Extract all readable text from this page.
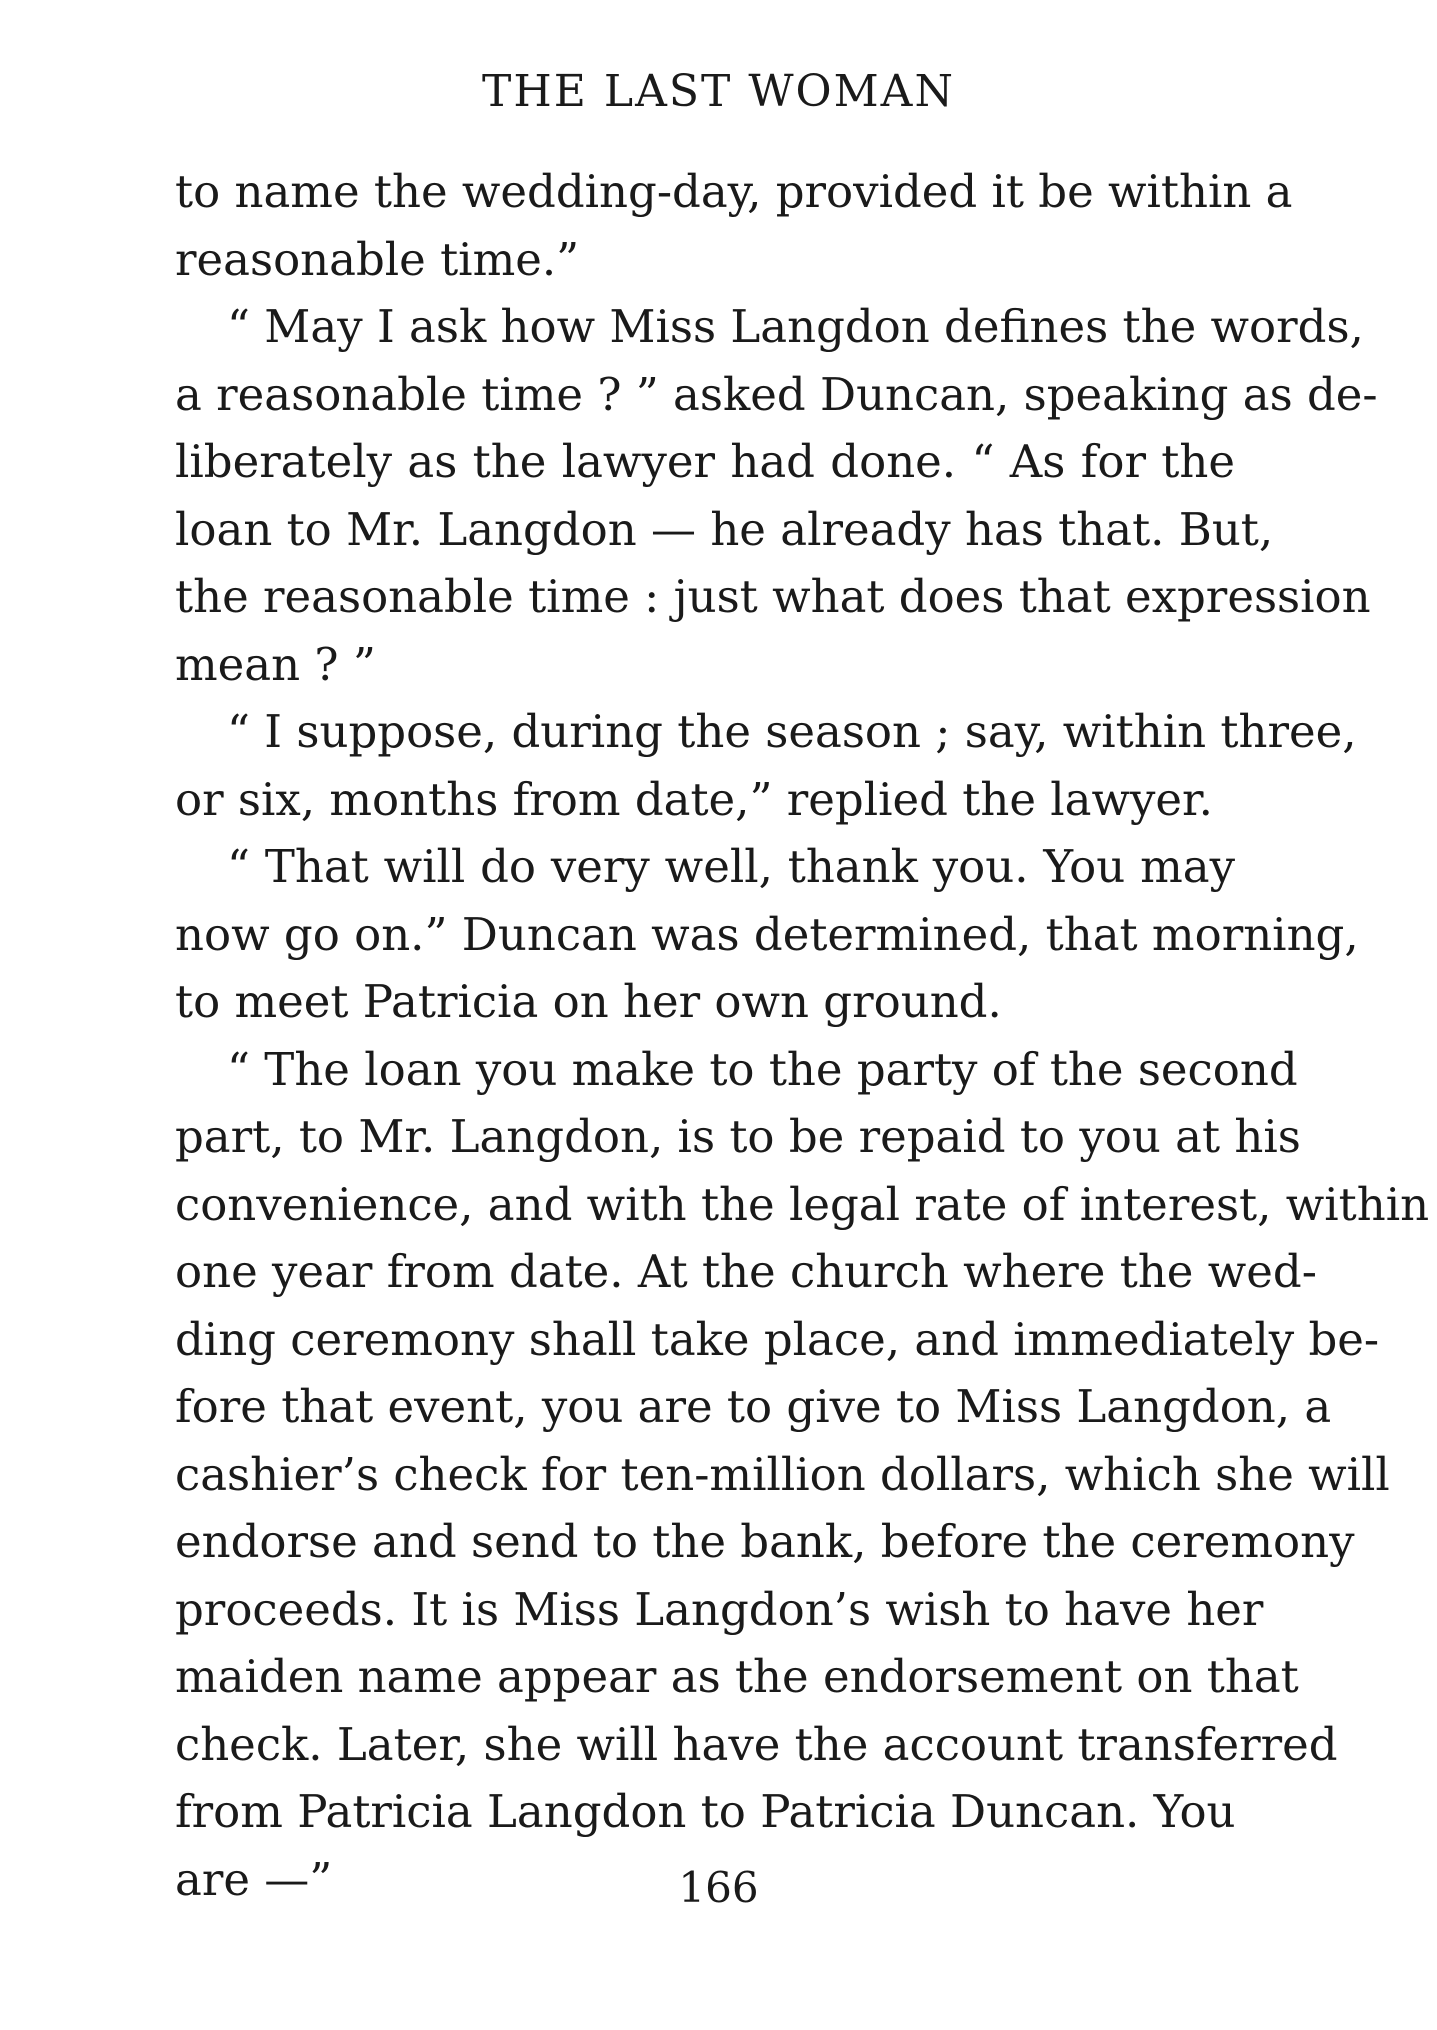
THE LAST WOMAN
to name the wedding-day, provided it be within a
reasonable time.”
“ May I ask how Miss Langdon defines the words,
a reasonable time ? ” asked Duncan, speaking as de-
liberately as the lawyer had done. “ As for the
loan to Mr. Langdon — he already has that. But,
the reasonable time : just what does that expression
mean ? ”
“ I suppose, during the season ; say, within three,
or six, months from date,” replied the lawyer.
“ That will do very well, thank you. You may
now go on.” Duncan was determined, that morning,
to meet Patricia on her own ground.
“ The loan you make to the party of the second
part, to Mr. Langdon, is to be repaid to you at his
convenience, and with the legal rate of interest, within
one year from date. At the church where the wed-
ding ceremony shall take place, and immediately be-
fore that event, you are to give to Miss Langdon, a
cashier’s check for ten-million dollars, which she will
endorse and send to the bank, before the ceremony
proceeds. It is Miss Langdon’s wish to have her
maiden name appear as the endorsement on that
check. Later, she will have the account transferred
from Patricia Langdon to Patricia Duncan. You
are —”	166
